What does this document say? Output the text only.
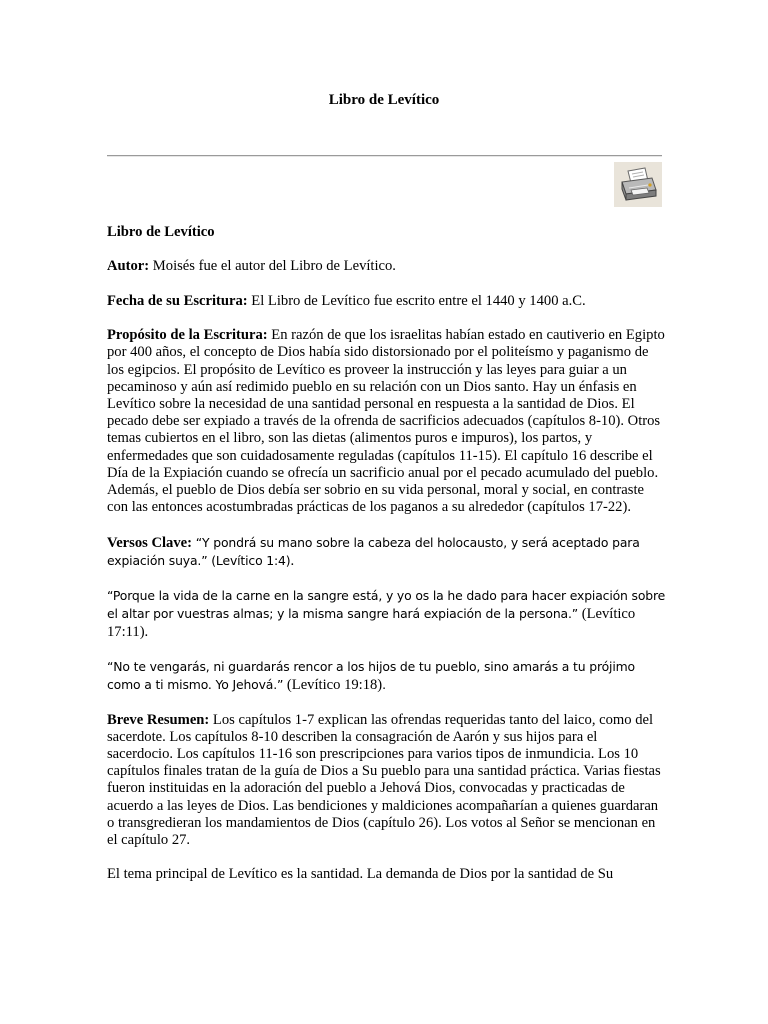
Libro de Levítico

Libro de Levítico

Autor: Moisés fue el autor del Libro de Levítico.

Fecha de su Escritura: El Libro de Levítico fue escrito entre el 1440 y 1400 a.C.

Propósito de la Escritura: En razón de que los israelitas habían estado en cautiverio en Egipto por 400 años, el concepto de Dios había sido distorsionado por el politeísmo y paganismo de los egipcios. El propósito de Levítico es proveer la instrucción y las leyes para guiar a un pecaminoso y aún así redimido pueblo en su relación con un Dios santo. Hay un énfasis en Levítico sobre la necesidad de una santidad personal en respuesta a la santidad de Dios. El pecado debe ser expiado a través de la ofrenda de sacrificios adecuados (capítulos 8-10). Otros temas cubiertos en el libro, son las dietas (alimentos puros e impuros), los partos, y enfermedades que son cuidadosamente reguladas (capítulos 11-15). El capítulo 16 describe el Día de la Expiación cuando se ofrecía un sacrificio anual por el pecado acumulado del pueblo. Además, el pueblo de Dios debía ser sobrio en su vida personal, moral y social, en contraste con las entonces acostumbradas prácticas de los paganos a su alrededor (capítulos 17-22).

Versos Clave: “Y pondrá su mano sobre la cabeza del holocausto, y será aceptado para expiación suya.” (Levítico 1:4).

“Porque la vida de la carne en la sangre está, y yo os la he dado para hacer expiación sobre el altar por vuestras almas; y la misma sangre hará expiación de la persona.” (Levítico 17:11).

“No te vengarás, ni guardarás rencor a los hijos de tu pueblo, sino amarás a tu prójimo como a ti mismo. Yo Jehová.” (Levítico 19:18).

Breve Resumen: Los capítulos 1-7 explican las ofrendas requeridas tanto del laico, como del sacerdote. Los capítulos 8-10 describen la consagración de Aarón y sus hijos para el sacerdocio. Los capítulos 11-16 son prescripciones para varios tipos de inmundicia. Los 10 capítulos finales tratan de la guía de Dios a Su pueblo para una santidad práctica. Varias fiestas fueron instituidas en la adoración del pueblo a Jehová Dios, convocadas y practicadas de acuerdo a las leyes de Dios. Las bendiciones y maldiciones acompañarían a quienes guardaran o transgredieran los mandamientos de Dios (capítulo 26). Los votos al Señor se mencionan en el capítulo 27.

El tema principal de Levítico es la santidad. La demanda de Dios por la santidad de Su
